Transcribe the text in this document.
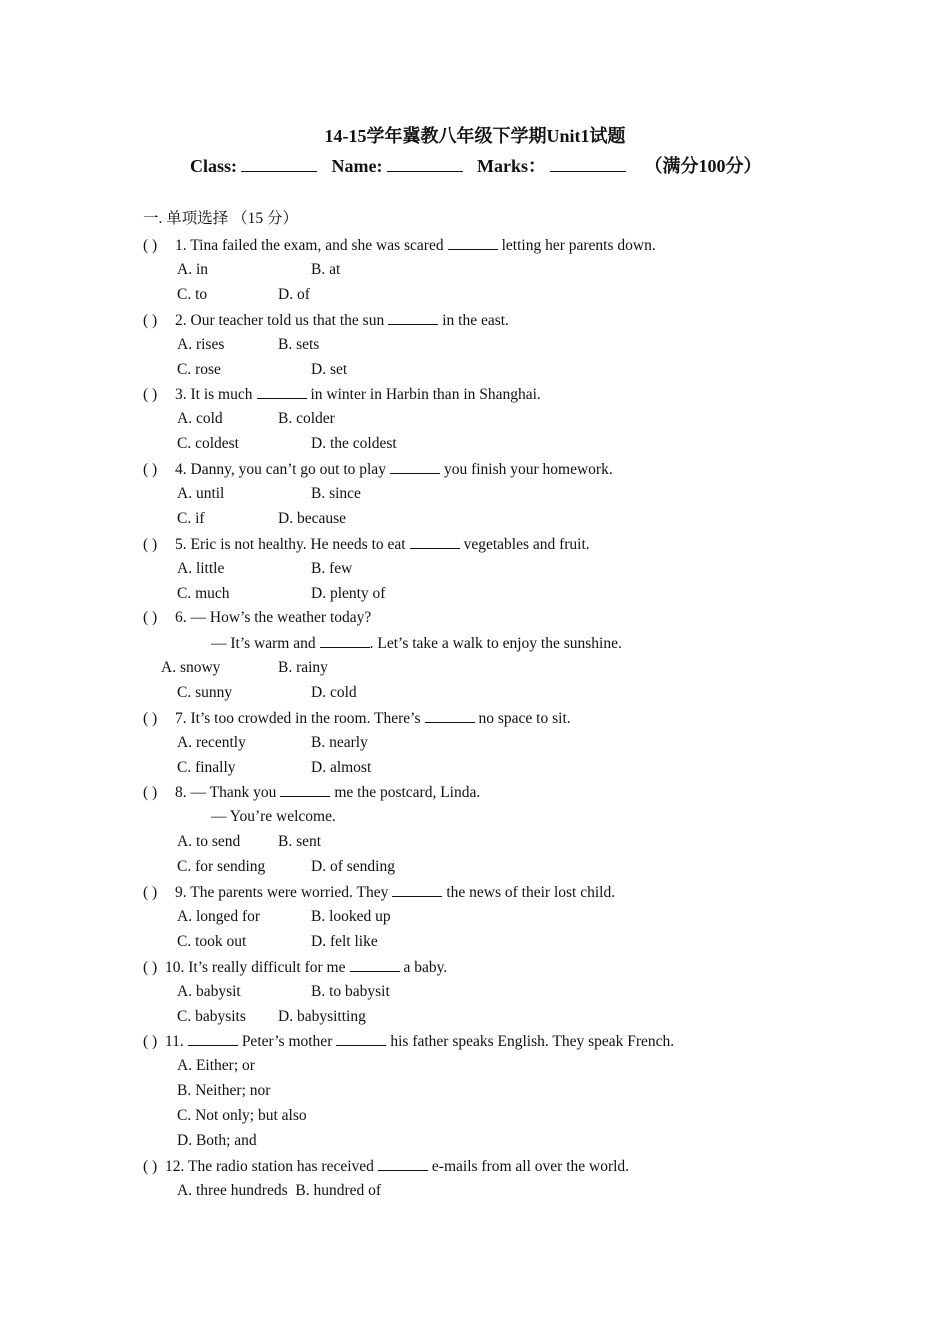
14-15学年冀教八年级下学期Unit1试题
Class:	Name:	Marks：	（满分100分）
一. 单项选择 （15 分）
( ) 1. Tina failed the exam, and she was scared	letting her parents down.
A. in	B. at
C. to	D. of
( ) 2. Our teacher told us that the sun	in the east.
A. rises	B. sets
C. rose	D. set
( ) 3. It is much	in winter in Harbin than in Shanghai.
A. cold	B. colder
C. coldest	D. the coldest
( ) 4. Danny, you can’t go out to play	you finish your homework.
A. until	B. since
C. if	D. because
( ) 5. Eric is not healthy. He needs to eat	vegetables and fruit.
A. little	B. few
C. much	D. plenty of
( ) 6. — How’s the weather today?
— It’s warm and	. Let’s take a walk to enjoy the sunshine.
A. snowy	B. rainy
C. sunny	D. cold
( ) 7. It’s too crowded in the room. There’s	no space to sit.
A. recently	B. nearly
C. finally	D. almost
( ) 8. — Thank you	me the postcard, Linda.
— You’re welcome.
A. to send B. sent
C. for sending	D. of sending
( ) 9. The parents were worried. They	the news of their lost child.
A. longed for	B. looked up
C. took out	D. felt like
( ) 10. It’s really difficult for me	a baby.
A. babysit	B. to babysit
C. babysits D. babysitting
( ) 11.	Peter’s mother	his father speaks English. They speak French.
A. Either; or
B. Neither; nor
C. Not only; but also
D. Both; and
( ) 12. The radio station has received	e-mails from all over the world.
A. three hundreds  B. hundred of
